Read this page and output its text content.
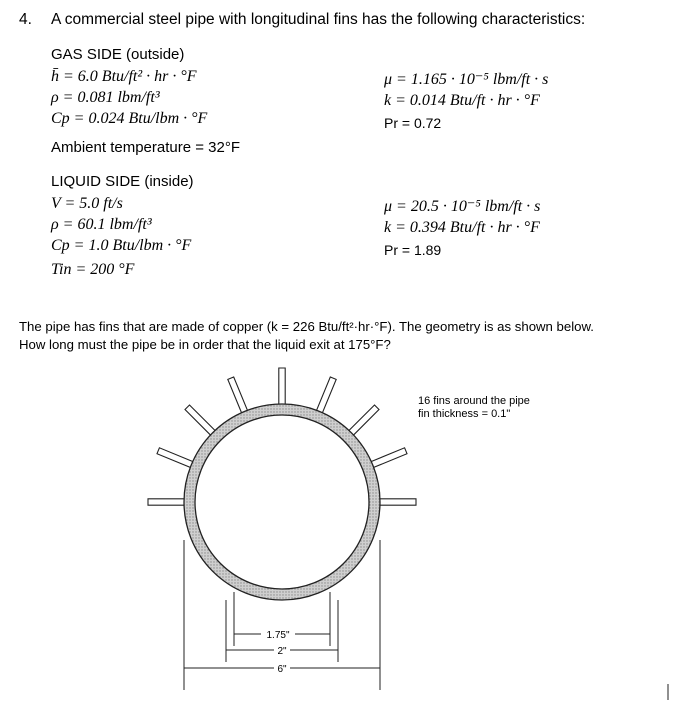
4. A commercial steel pipe with longitudinal fins has the following characteristics:
GAS SIDE (outside)
h̄ = 6.0 Btu/ft² · hr · °F
ρ = 0.081 lbm/ft³
Cp = 0.024 Btu/lbm · °F
Ambient temperature = 32°F
μ = 1.165 · 10⁻⁵ lbm/ft · s
k = 0.014 Btu/ft · hr · °F
Pr = 0.72
LIQUID SIDE (inside)
V = 5.0 ft/s
ρ = 60.1 lbm/ft³
Cp = 1.0 Btu/lbm · °F
Tin = 200 °F
μ = 20.5 · 10⁻⁵ lbm/ft · s
k = 0.394 Btu/ft · hr · °F
Pr = 1.89
The pipe has fins that are made of copper (k = 226 Btu/ft²·hr·°F). The geometry is as shown below.
How long must the pipe be in order that the liquid exit at 175°F?
1.75"
2"
6"
16 fins around the pipe
fin thickness = 0.1"
